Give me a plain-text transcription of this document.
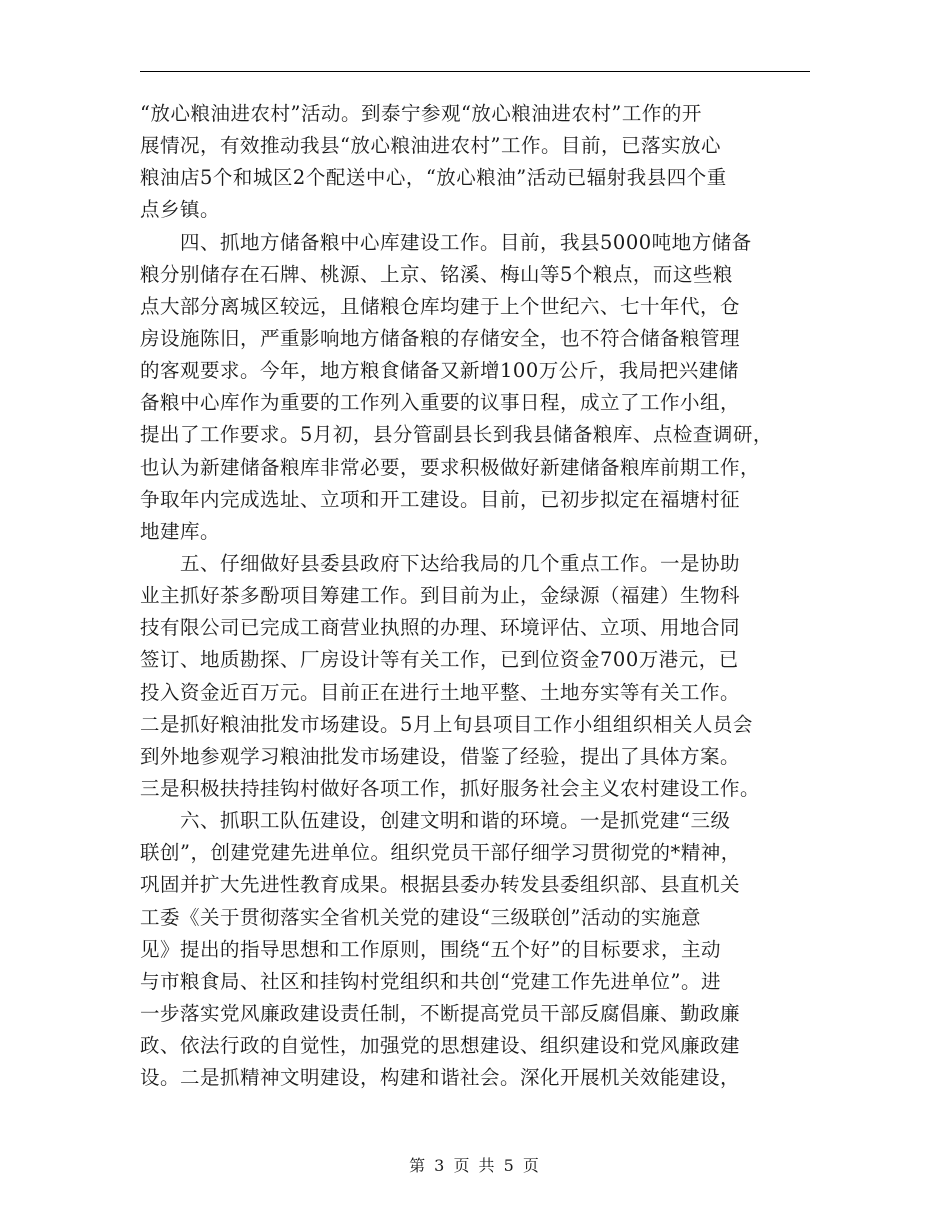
“放心粮油进农村”活动。到泰宁参观“放心粮油进农村”工作的开
展情况，有效推动我县“放心粮油进农村”工作。目前，已落实放心
粮油店5个和城区2个配送中心，“放心粮油”活动已辐射我县四个重
点乡镇。
四、抓地方储备粮中心库建设工作。目前，我县5000吨地方储备
粮分别储存在石牌、桃源、上京、铭溪、梅山等5个粮点，而这些粮
点大部分离城区较远，且储粮仓库均建于上个世纪六、七十年代，仓
房设施陈旧，严重影响地方储备粮的存储安全，也不符合储备粮管理
的客观要求。今年，地方粮食储备又新增100万公斤，我局把兴建储
备粮中心库作为重要的工作列入重要的议事日程，成立了工作小组，
提出了工作要求。5月初，县分管副县长到我县储备粮库、点检查调研，
也认为新建储备粮库非常必要，要求积极做好新建储备粮库前期工作，
争取年内完成选址、立项和开工建设。目前，已初步拟定在福塘村征
地建库。
五、仔细做好县委县政府下达给我局的几个重点工作。一是协助
业主抓好茶多酚项目筹建工作。到目前为止，金绿源（福建）生物科
技有限公司已完成工商营业执照的办理、环境评估、立项、用地合同
签订、地质勘探、厂房设计等有关工作，已到位资金700万港元，已
投入资金近百万元。目前正在进行土地平整、土地夯实等有关工作。
二是抓好粮油批发市场建设。5月上旬县项目工作小组组织相关人员会
到外地参观学习粮油批发市场建设，借鉴了经验，提出了具体方案。
三是积极扶持挂钩村做好各项工作，抓好服务社会主义农村建设工作。
六、抓职工队伍建设，创建文明和谐的环境。一是抓党建“三级
联创”，创建党建先进单位。组织党员干部仔细学习贯彻党的*精神，
巩固并扩大先进性教育成果。根据县委办转发县委组织部、县直机关
工委《关于贯彻落实全省机关党的建设“三级联创”活动的实施意
见》提出的指导思想和工作原则，围绕“五个好”的目标要求，主动
与市粮食局、社区和挂钩村党组织和共创“党建工作先进单位”。进
一步落实党风廉政建设责任制，不断提高党员干部反腐倡廉、勤政廉
政、依法行政的自觉性，加强党的思想建设、组织建设和党风廉政建
设。二是抓精神文明建设，构建和谐社会。深化开展机关效能建设，
第 3 页 共 5 页
